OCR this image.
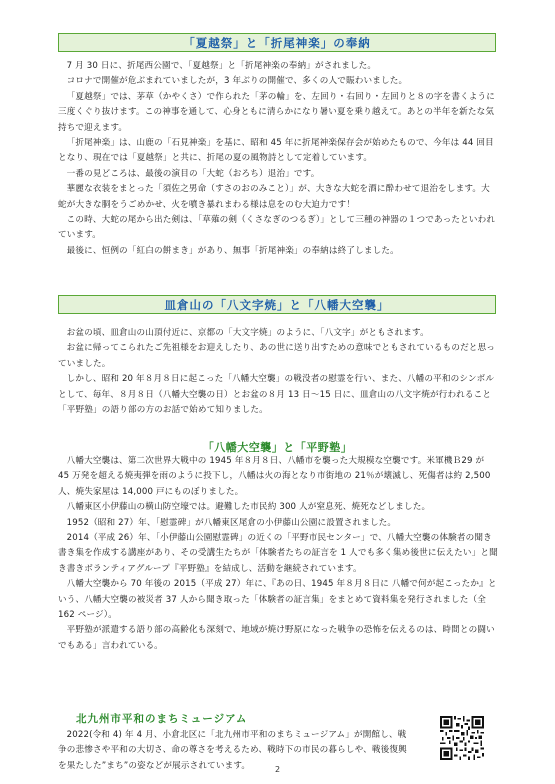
「夏越祭」と「折尾神楽」の奉納

7 月 30 日に、折尾西公園で、「夏越祭」と「折尾神楽の奉納」がされました。

コロナで開催が危ぶまれていましたが，3 年ぶりの開催で、多くの人で賑わいました。

「夏越祭」では、茅草（かやくさ）で作られた「茅の輪」を、左回り・右回り・左回りと８の字を書くように三度くぐり抜けます。この神事を通して、心身ともに清らかになり暑い夏を乗り越えて。あとの半年を新たな気持ちで迎えます。

「折尾神楽」は、山鹿の「石見神楽」を基に、昭和 45 年に折尾神楽保存会が始めたもので、今年は 44 回目となり、現在では「夏越祭」と共に、折尾の夏の風物詩として定着しています。

一番の見どころは、最後の演目の「大蛇（おろち）退治」です。

華麗な衣装をまとった「須佐之男命（すさのおのみこと）」が、大きな大蛇を酒に酔わせて退治をします。大蛇が大きな胴をうごめかせ、火を噴き暴れまわる様は息をのむ大迫力です！

この時、大蛇の尾から出た剣は、「草薙の剣（くさなぎのつるぎ）」として三種の神器の１つであったといわれています。

最後に、恒例の「紅白の餅まき」があり、無事「折尾神楽」の奉納は終了しました。

皿倉山の「八文字焼」と「八幡大空襲」

お盆の頃、皿倉山の山頂付近に、京都の「大文字焼」のように、「八文字」がともされます。

お盆に帰ってこられたご先祖様をお迎えしたり、あの世に送り出すための意味でともされているものだと思っていました。

しかし、昭和 20 年８月８日に起こった「八幡大空襲」の戦没者の慰霊を行い、また、八幡の平和のシンボルとして、毎年、８月８日（八幡大空襲の日）とお盆の８月 13 日～15 日に、皿倉山の八文字焼が行われること「平野塾」の語り部の方のお話で始めて知りました。

「八幡大空襲」と「平野塾」

八幡大空襲は、第二次世界大戦中の 1945 年８月８日、八幡市を襲った大規模な空襲です。米軍機Ｂ29 が 45 万発を超える焼夷弾を雨のように投下し，八幡は火の海となり市街地の 21％が壊滅し、死傷者は約 2,500 人、焼失家屋は 14,000 戸にものぼりました。

八幡東区小伊藤山の横山防空壕では。避難した市民約 300 人が窒息死、焼死などしました。

1952（昭和 27）年、「慰霊碑」が八幡東区尾倉の小伊藤山公園に設置されました。

2014（平成 26）年、「小伊藤山公園慰霊碑」の近くの「平野市民センター」で、八幡大空襲の体験者の聞き書き集を作成する講座があり、その受講生たちが「体験者たちの証言を 1 人でも多く集め後世に伝えたい」と聞き書きボランティアグループ『平野塾』を結成し、活動を継続されています。

八幡大空襲から 70 年後の 2015（平成 27）年に、『あの日、1945 年８月８日に 八幡で何が起こったか』という、八幡大空襲の被災者 37 人から聞き取った「体験者の証言集」をまとめて資料集を発行されました（全 162 ページ）。

平野塾が派遣する語り部の高齢化も深刻で、地域が焼け野原になった戦争の恐怖を伝えるのは、時間との闘いでもある」言われている。

北九州市平和のまちミュージアム

2022(令和 4) 年 4 月、小倉北区に「北九州市平和のまちミュージアム」が開館し、戦争の悲惨さや平和の大切さ、命の尊さを考えるため、戦時下の市民の暮らしや、戦後復興を果たした”まち”の姿などが展示されています。	2
